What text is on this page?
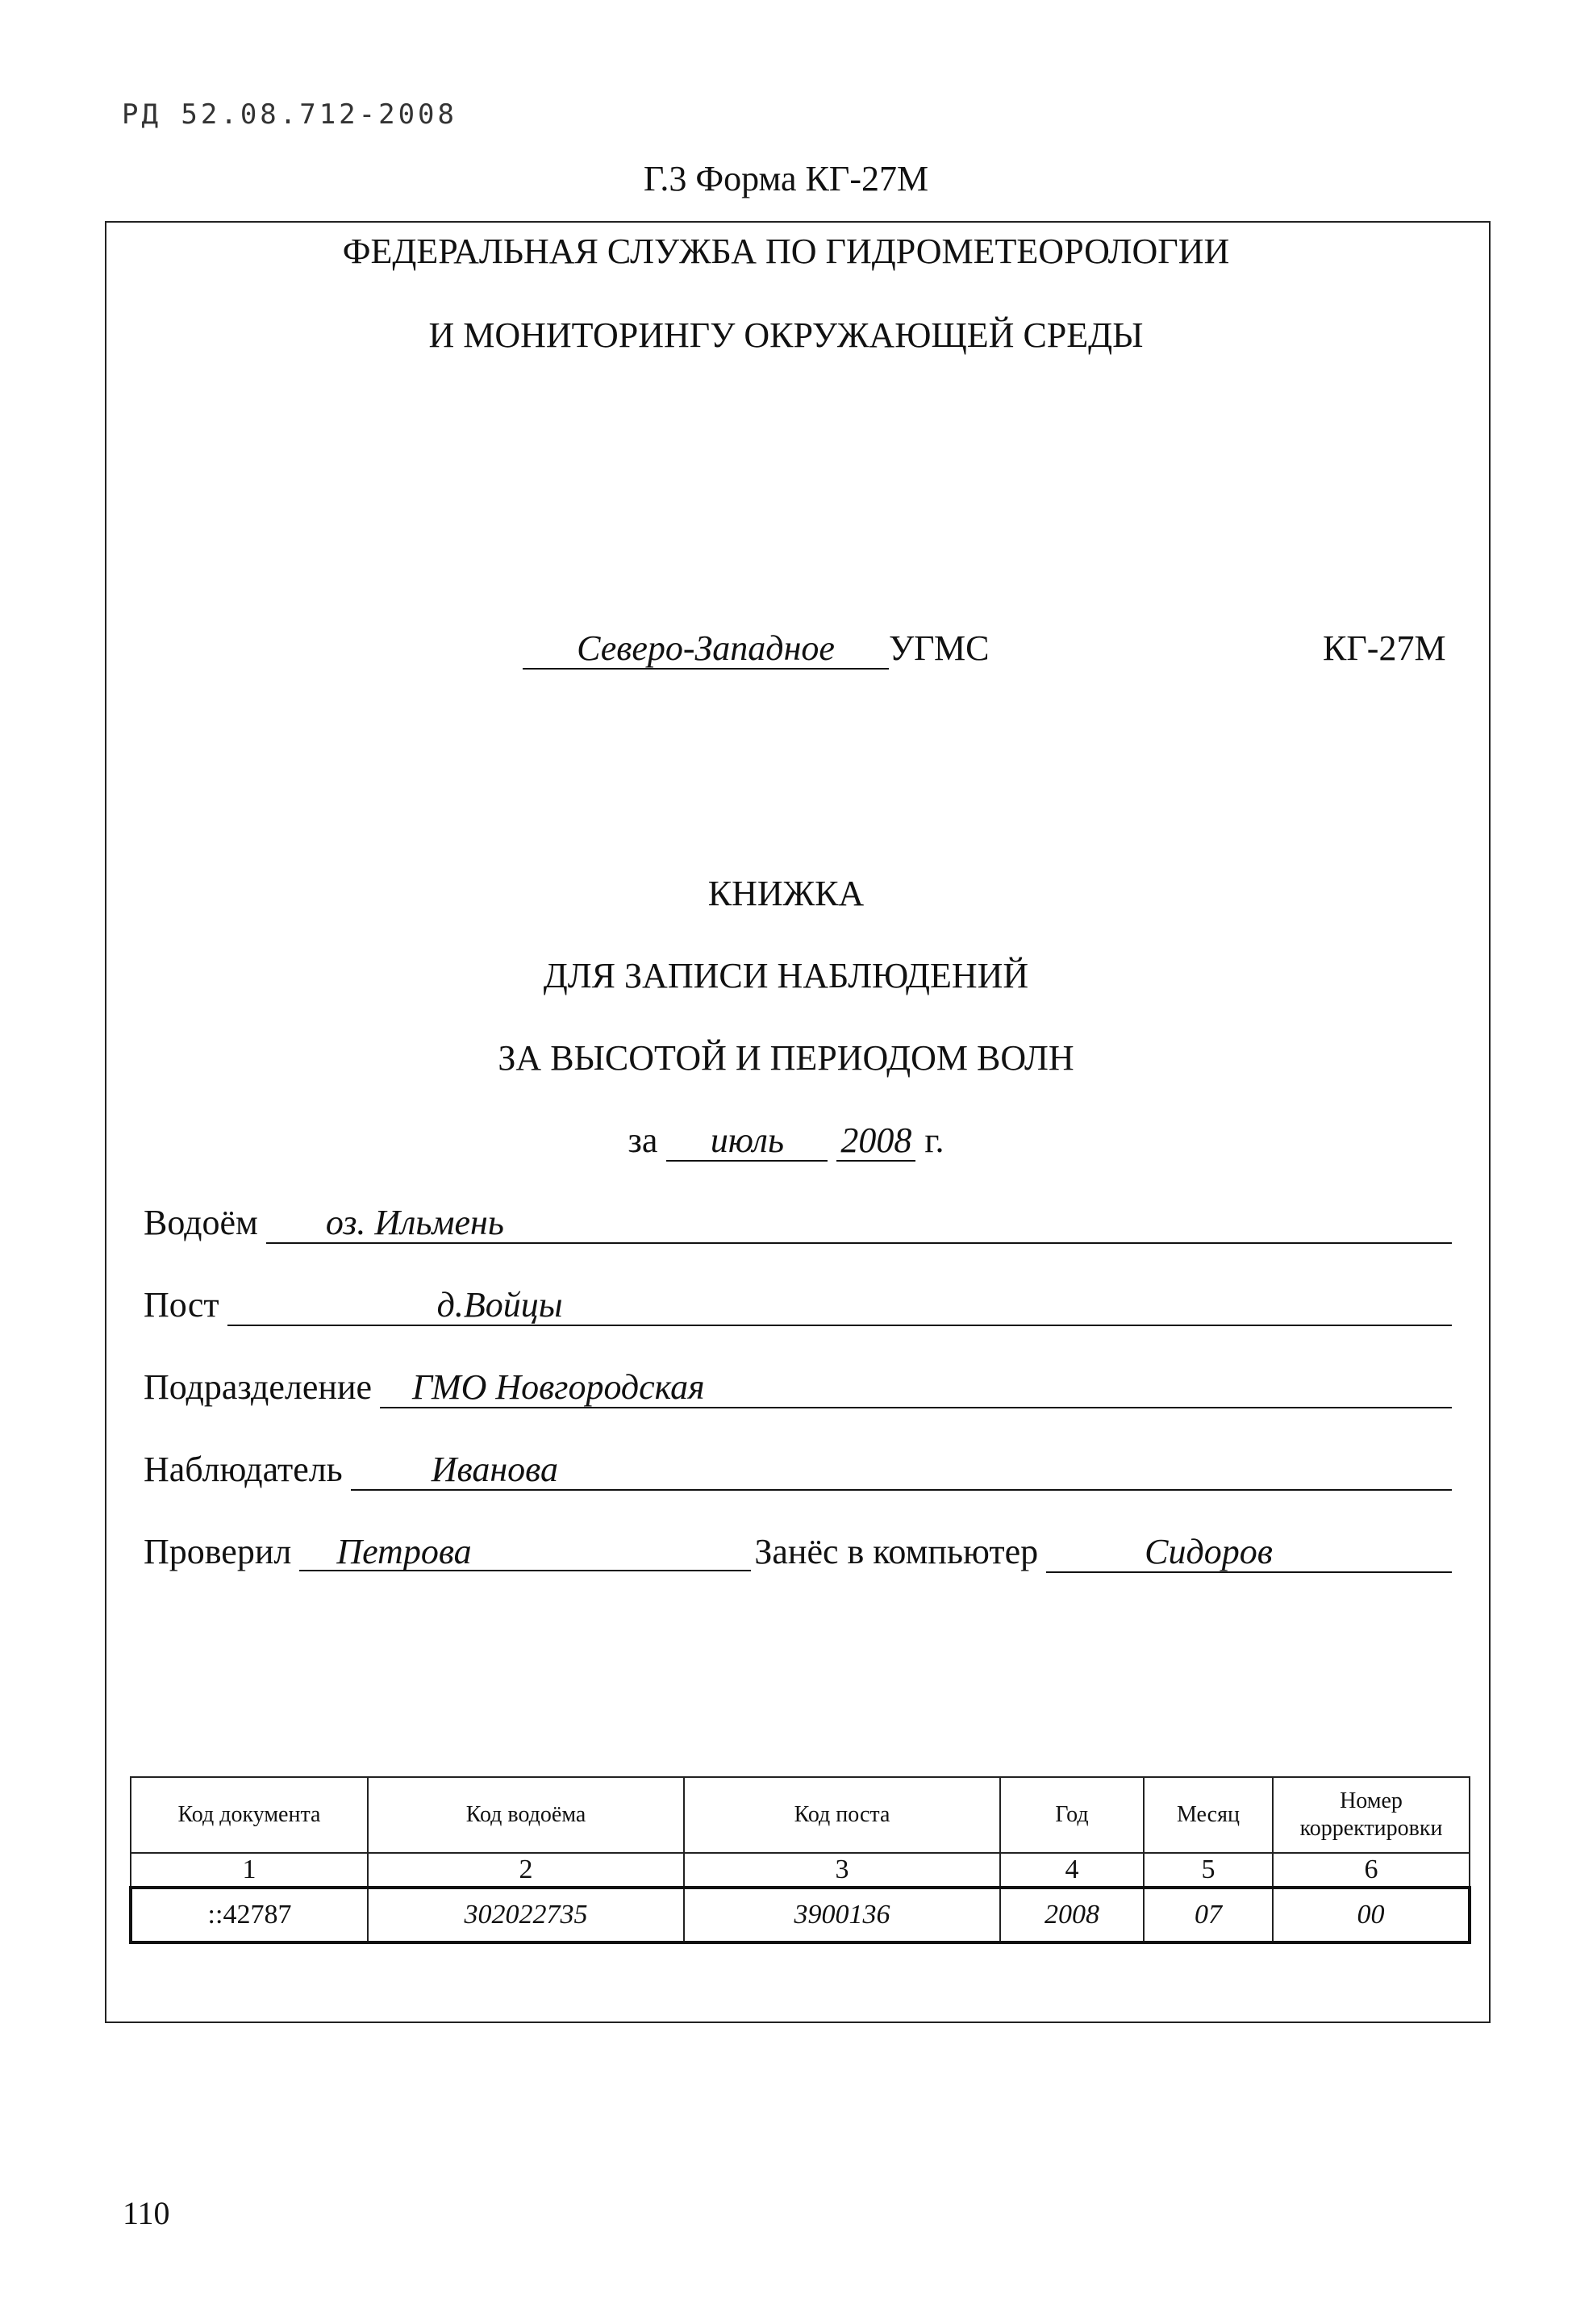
РД 52.08.712-2008
Г.3 Форма КГ-27М
ФЕДЕРАЛЬНАЯ СЛУЖБА ПО ГИДРОМЕТЕОРОЛОГИИ
И МОНИТОРИНГУ ОКРУЖАЮЩЕЙ СРЕДЫ
Северо-Западное УГМС	КГ-27М
КНИЖКА
ДЛЯ ЗАПИСИ НАБЛЮДЕНИЙ
ЗА ВЫСОТОЙ И ПЕРИОДОМ ВОЛН
за июль 2008 г.
Водоём	оз. Ильмень
Пост	д.Войцы
Подразделение	ГМО Новгородская
Наблюдатель	Иванова
Проверил	Петрова	Занёс в компьютер	Сидоров
Код документа	Код водоёма	Код поста	Год	Месяц	Номер корректировки
1	2	3	4	5	6
::42787	302022735	3900136	2008	07	00
110
